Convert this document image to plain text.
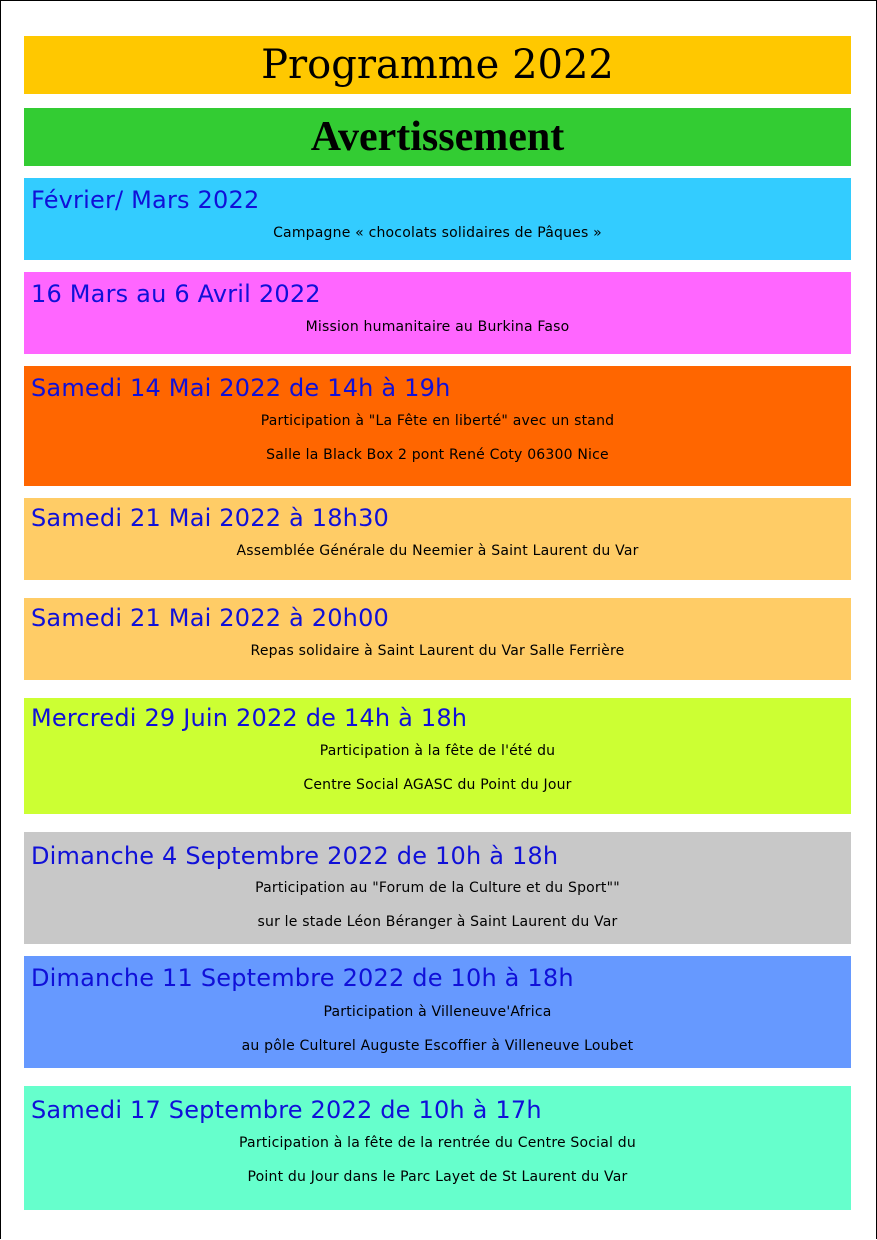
Programme 2022
Avertissement
Février/ Mars 2022
Campagne « chocolats solidaires de Pâques »
16 Mars au 6 Avril 2022
Mission humanitaire au Burkina Faso
Samedi 14 Mai 2022 de 14h à 19h
Participation à "La Fête en liberté" avec un stand
Salle la Black Box 2 pont René Coty 06300 Nice
Samedi 21 Mai 2022 à 18h30
Assemblée Générale du Neemier à Saint Laurent du Var
Samedi 21 Mai 2022 à 20h00
Repas solidaire à Saint Laurent du Var Salle Ferrière
Mercredi 29 Juin 2022 de 14h à 18h
Participation à la fête de l'été du
Centre Social AGASC du Point du Jour
Dimanche 4 Septembre 2022 de 10h à 18h
Participation au "Forum de la Culture et du Sport""
sur le stade Léon Béranger à Saint Laurent du Var
Dimanche 11 Septembre 2022 de 10h à 18h
Participation à Villeneuve'Africa
au pôle Culturel Auguste Escoffier à Villeneuve Loubet
Samedi 17 Septembre 2022 de 10h à 17h
Participation à la fête de la rentrée du Centre Social du
Point du Jour dans le Parc Layet de St Laurent du Var
